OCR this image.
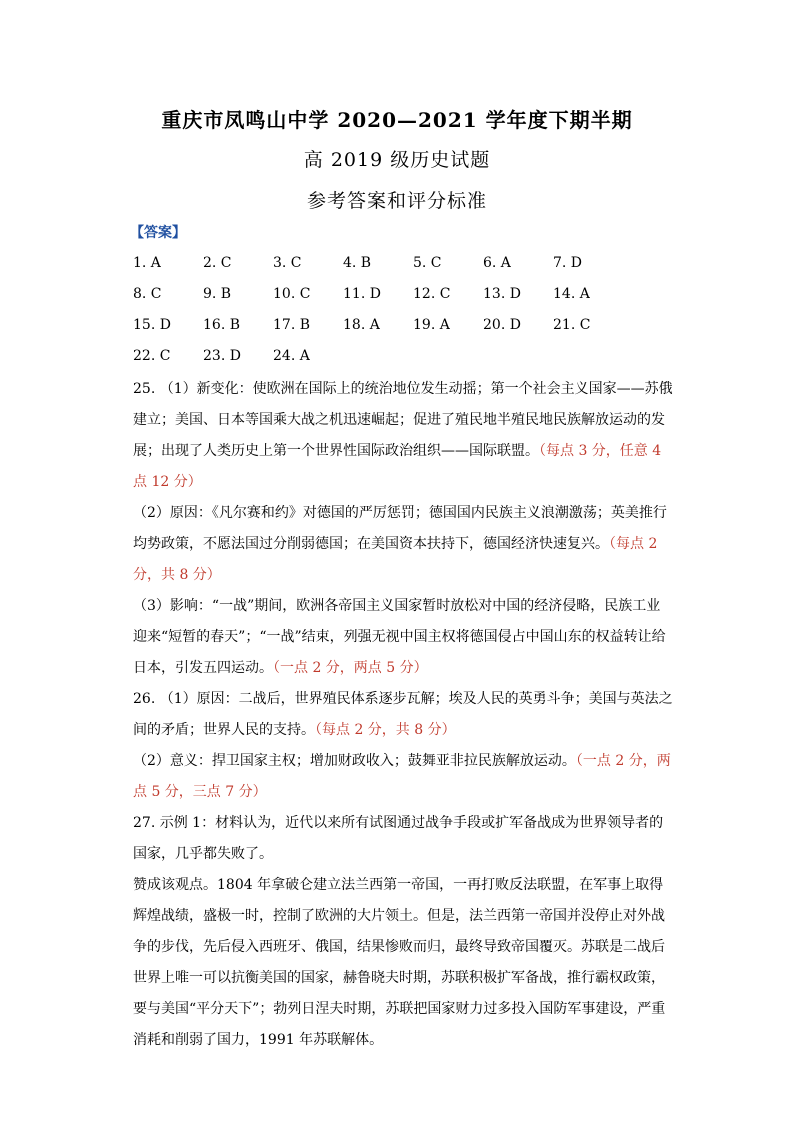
重庆市凤鸣山中学 2020—2021 学年度下期半期
高 2019 级历史试题
参考答案和评分标准
【答案】
1. A	2. C	3. C	4. B	5. C	6. A	7. D
8. C	9. B	10. C 11. D 12. C 13. D 14. A
15. D 16. B 17. B 18. A 19. A 20. D 21. C
22. C 23. D 24. A

25. （1）新变化：使欧洲在国际上的统治地位发生动摇；第一个社会主义国家——苏俄建立；美国、日本等国乘大战之机迅速崛起；促进了殖民地半殖民地民族解放运动的发展；出现了人类历史上第一个世界性国际政治组织——国际联盟。（每点 3 分，任意 4 点 12 分）

（2）原因：《凡尔赛和约》对德国的严厉惩罚；德国国内民族主义浪潮激荡；英美推行均势政策，不愿法国过分削弱德国；在美国资本扶持下，德国经济快速复兴。（每点 2 分，共 8 分）

（3）影响：“一战”期间，欧洲各帝国主义国家暂时放松对中国的经济侵略，民族工业迎来“短暂的春天”；“一战”结束，列强无视中国主权将德国侵占中国山东的权益转让给日本，引发五四运动。（一点 2 分，两点 5 分）

26. （1）原因：二战后，世界殖民体系逐步瓦解；埃及人民的英勇斗争；美国与英法之间的矛盾；世界人民的支持。（每点 2 分，共 8 分）

（2）意义：捍卫国家主权；增加财政收入；鼓舞亚非拉民族解放运动。（一点 2 分，两点 5 分，三点 7 分）

27. 示例 1：材料认为，近代以来所有试图通过战争手段或扩军备战成为世界领导者的国家，几乎都失败了。

赞成该观点。1804 年拿破仑建立法兰西第一帝国，一再打败反法联盟，在军事上取得辉煌战绩，盛极一时，控制了欧洲的大片领土。但是，法兰西第一帝国并没停止对外战争的步伐，先后侵入西班牙、俄国，结果惨败而归，最终导致帝国覆灭。苏联是二战后世界上唯一可以抗衡美国的国家，赫鲁晓夫时期，苏联积极扩军备战，推行霸权政策，要与美国“平分天下”；勃列日涅夫时期，苏联把国家财力过多投入国防军事建设，严重消耗和削弱了国力，1991 年苏联解体。
